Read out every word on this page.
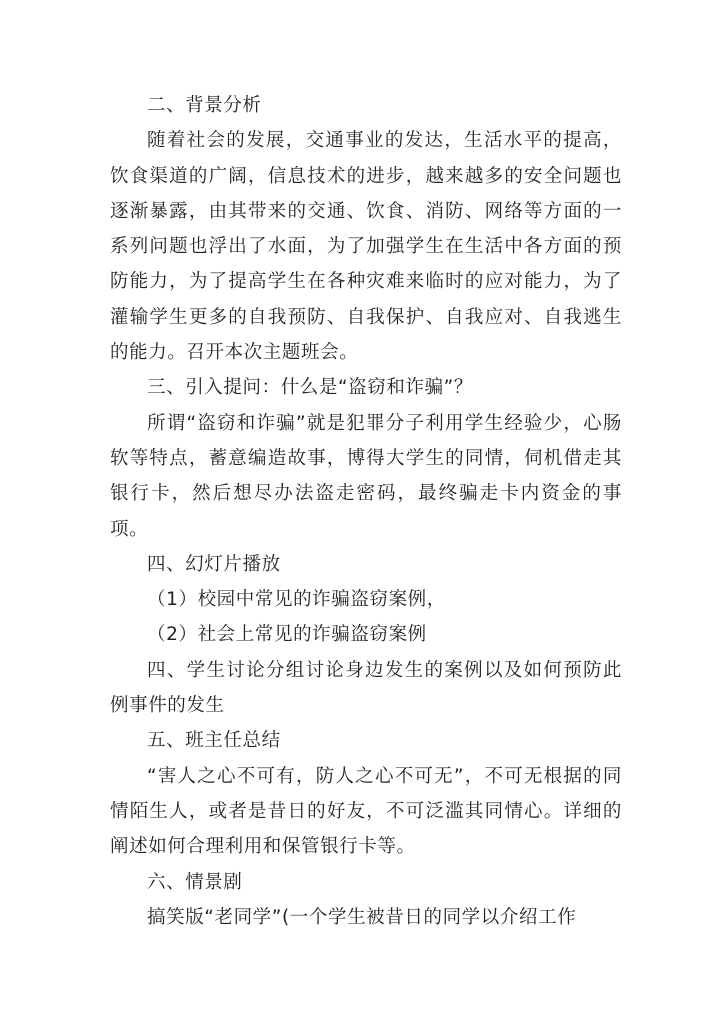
二、背景分析

随着社会的发展，交通事业的发达，生活水平的提高，饮食渠道的广阔，信息技术的进步，越来越多的安全问题也逐渐暴露，由其带来的交通、饮食、消防、网络等方面的一系列问题也浮出了水面，为了加强学生在生活中各方面的预防能力，为了提高学生在各种灾难来临时的应对能力，为了灌输学生更多的自我预防、自我保护、自我应对、自我逃生的能力。召开本次主题班会。

三、引入提问：什么是“盗窃和诈骗”？

所谓“盗窃和诈骗”就是犯罪分子利用学生经验少，心肠软等特点，蓄意编造故事，博得大学生的同情，伺机借走其银行卡，然后想尽办法盗走密码，最终骗走卡内资金的事项。

四、幻灯片播放

（1）校园中常见的诈骗盗窃案例，

（2）社会上常见的诈骗盗窃案例

四、学生讨论分组讨论身边发生的案例以及如何预防此例事件的发生

五、班主任总结

“害人之心不可有，防人之心不可无”，不可无根据的同情陌生人，或者是昔日的好友，不可泛滥其同情心。详细的阐述如何合理利用和保管银行卡等。

六、情景剧

搞笑版“老同学”(一个学生被昔日的同学以介绍工作
